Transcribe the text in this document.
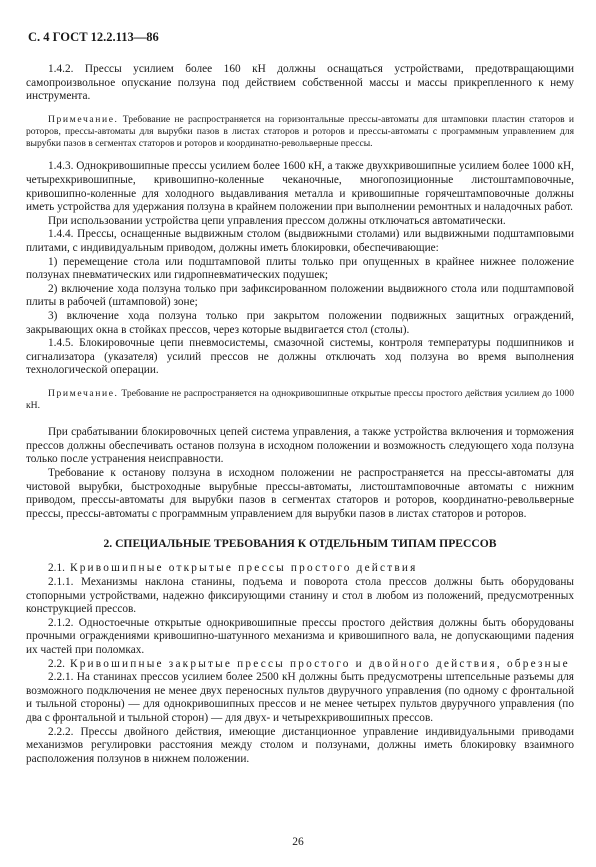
С. 4 ГОСТ 12.2.113—86

1.4.2. Прессы усилием более 160 кН должны оснащаться устройствами, предотвращающими самопроизвольное опускание ползуна под действием собственной массы и массы прикрепленного к нему инструмента.

Примечание. Требование не распространяется на горизонтальные прессы-автоматы для штамповки пластин статоров и роторов, прессы-автоматы для вырубки пазов в листах статоров и роторов и прессы-автоматы с программным управлением для вырубки пазов в сегментах статоров и роторов и координатно-револьверные прессы.

1.4.3. Однокривошипные прессы усилием более 1600 кН, а также двухкривошипные усилием более 1000 кН, четырехкривошипные, кривошипно-коленные чеканочные, многопозиционные листоштамповочные, кривошипно-коленные для холодного выдавливания металла и кривошипные горячештамповочные должны иметь устройства для удержания ползуна в крайнем положении при выполнении ремонтных и наладочных работ.

При использовании устройства цепи управления прессом должны отключаться автоматически.

1.4.4. Прессы, оснащенные выдвижным столом (выдвижными столами) или выдвижными подштамповыми плитами, с индивидуальным приводом, должны иметь блокировки, обеспечивающие:

1) перемещение стола или подштамповой плиты только при опущенных в крайнее нижнее положение ползунах пневматических или гидропневматических подушек;

2) включение хода ползуна только при зафиксированном положении выдвижного стола или подштамповой плиты в рабочей (штамповой) зоне;

3) включение хода ползуна только при закрытом положении подвижных защитных ограждений, закрывающих окна в стойках прессов, через которые выдвигается стол (столы).

1.4.5. Блокировочные цепи пневмосистемы, смазочной системы, контроля температуры подшипников и сигнализатора (указателя) усилий прессов не должны отключать ход ползуна во время выполнения технологической операции.

Примечание. Требование не распространяется на однокривошипные открытые прессы простого действия усилием до 1000 кН.

При срабатывании блокировочных цепей система управления, а также устройства включения и торможения прессов должны обеспечивать останов ползуна в исходном положении и возможность следующего хода ползуна только после устранения неисправности.

Требование к останову ползуна в исходном положении не распространяется на прессы-автоматы для чистовой вырубки, быстроходные вырубные прессы-автоматы, листоштамповочные автоматы с нижним приводом, прессы-автоматы для вырубки пазов в сегментах статоров и роторов, координатно-револьверные прессы, прессы-автоматы с программным управлением для вырубки пазов в листах статоров и роторов.

2. СПЕЦИАЛЬНЫЕ ТРЕБОВАНИЯ К ОТДЕЛЬНЫМ ТИПАМ ПРЕССОВ

2.1. Кривошипные открытые прессы простого действия

2.1.1. Механизмы наклона станины, подъема и поворота стола прессов должны быть оборудованы стопорными устройствами, надежно фиксирующими станину и стол в любом из положений, предусмотренных конструкцией прессов.

2.1.2. Одностоечные открытые однокривошипные прессы простого действия должны быть оборудованы прочными ограждениями кривошипно-шатунного механизма и кривошипного вала, не допускающими падения их частей при поломках.

2.2. Кривошипные закрытые прессы простого и двойного действия, обрезные

2.2.1. На станинах прессов усилием более 2500 кН должны быть предусмотрены штепсельные разъемы для возможного подключения не менее двух переносных пультов двуручного управления (по одному с фронтальной и тыльной стороны) — для однокривошипных прессов и не менее четырех пультов двуручного управления (по два с фронтальной и тыльной сторон) — для двух- и четырехкривошипных прессов.

2.2.2. Прессы двойного действия, имеющие дистанционное управление индивидуальными приводами механизмов регулировки расстояния между столом и ползунами, должны иметь блокировку взаимного расположения ползунов в нижнем положении.

26
